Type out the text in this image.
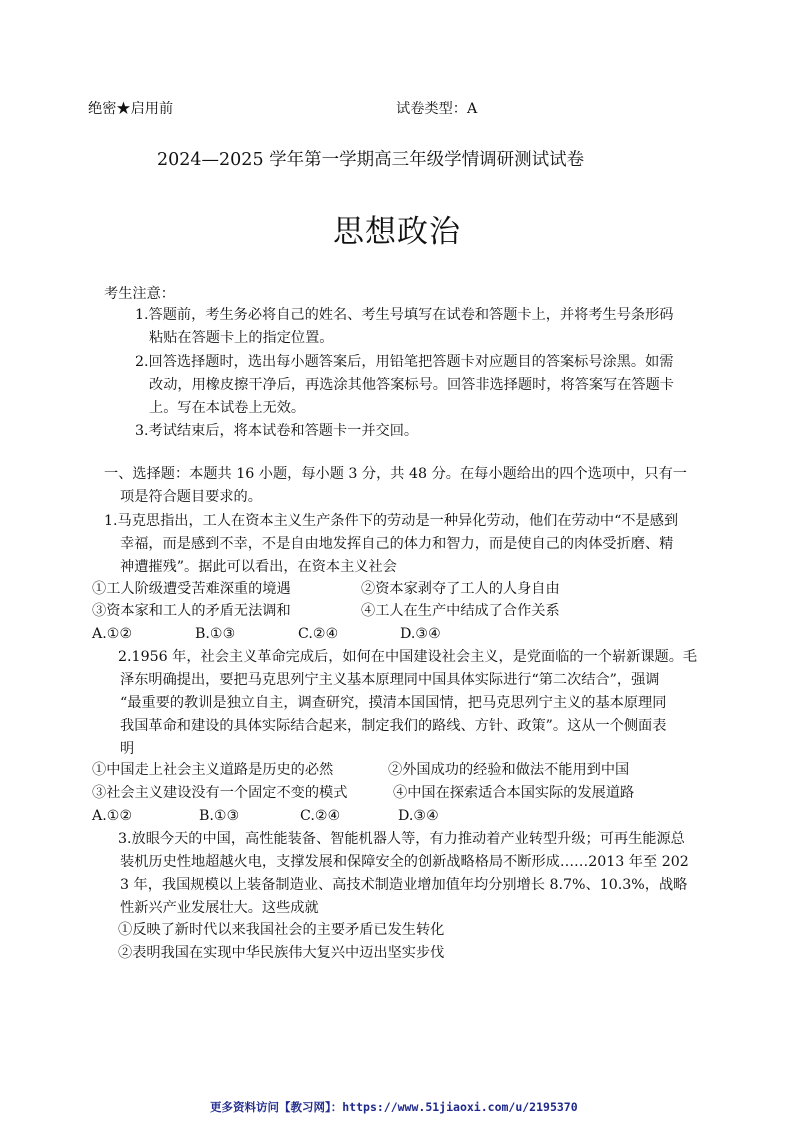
绝密★启用前	试卷类型：A
2024—2025 学年第一学期高三年级学情调研测试试卷
思想政治
考生注意：
1.答题前，考生务必将自己的姓名、考生号填写在试卷和答题卡上，并将考生号条形码
粘贴在答题卡上的指定位置。
2.回答选择题时，选出每小题答案后，用铅笔把答题卡对应题目的答案标号涂黑。如需
改动，用橡皮擦干净后，再选涂其他答案标号。回答非选择题时，将答案写在答题卡
上。写在本试卷上无效。
3.考试结束后，将本试卷和答题卡一并交回。
一、选择题：本题共 16 小题，每小题 3 分，共 48 分。在每小题给出的四个选项中，只有一
项是符合题目要求的。
1.马克思指出，工人在资本主义生产条件下的劳动是一种异化劳动，他们在劳动中“不是感到
幸福，而是感到不幸，不是自由地发挥自己的体力和智力，而是使自己的肉体受折磨、精
神遭摧残”。据此可以看出，在资本主义社会
①工人阶级遭受苦难深重的境遇	②资本家剥夺了工人的人身自由
③资本家和工人的矛盾无法调和	④工人在生产中结成了合作关系
A.①②	B.①③	C.②④	D.③④
2.1956 年，社会主义革命完成后，如何在中国建设社会主义，是党面临的一个崭新课题。毛
泽东明确提出，要把马克思列宁主义基本原理同中国具体实际进行“第二次结合”，强调
“最重要的教训是独立自主，调查研究，摸清本国国情，把马克思列宁主义的基本原理同
我国革命和建设的具体实际结合起来，制定我们的路线、方针、政策”。这从一个侧面表
明
①中国走上社会主义道路是历史的必然	②外国成功的经验和做法不能用到中国
③社会主义建设没有一个固定不变的模式	④中国在探索适合本国实际的发展道路
A.①②	B.①③	C.②④	D.③④
3.放眼今天的中国，高性能装备、智能机器人等，有力推动着产业转型升级；可再生能源总
装机历史性地超越火电，支撑发展和保障安全的创新战略格局不断形成……2013 年至 202
3 年，我国规模以上装备制造业、高技术制造业增加值年均分别增长 8.7%、10.3%，战略
性新兴产业发展壮大。这些成就
①反映了新时代以来我国社会的主要矛盾已发生转化
②表明我国在实现中华民族伟大复兴中迈出坚实步伐
更多资料访问【教习网】：https://www.51jiaoxi.com/u/2195370
